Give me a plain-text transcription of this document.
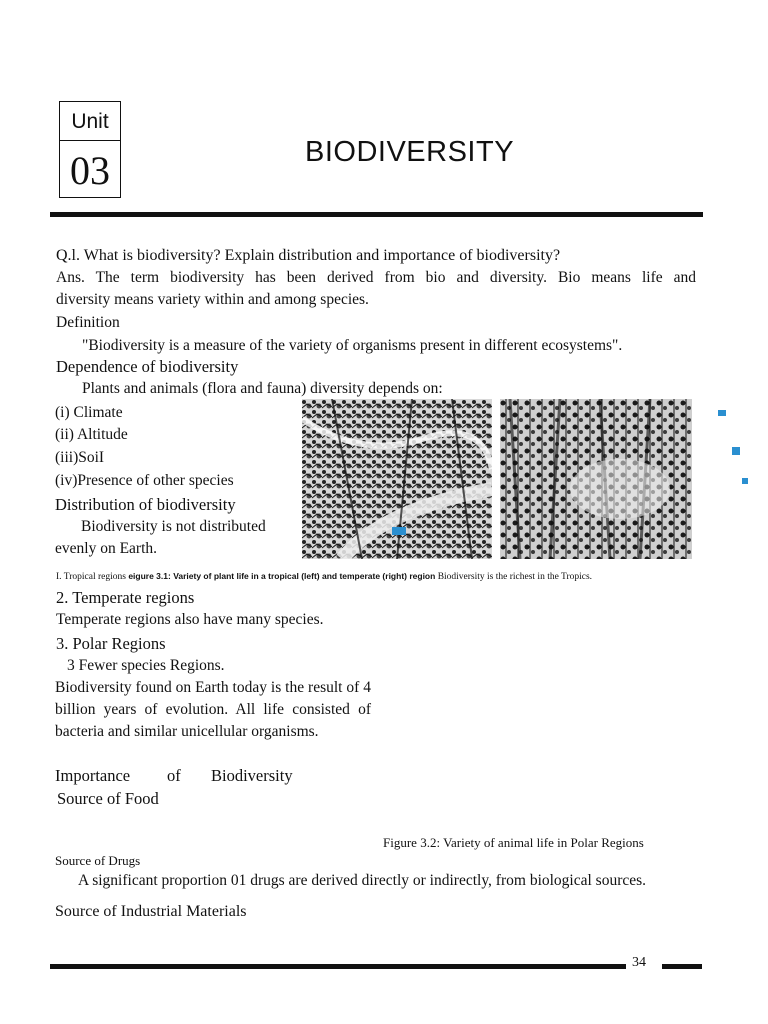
Unit
03	BIODIVERSITY
Q.l. What is biodiversity? Explain distribution and importance of biodiversity?
Ans. The term biodiversity has been derived from bio and diversity. Bio means life and
diversity means variety within and among species.
Definition
"Biodiversity is a measure of the variety of organisms present in different ecosystems".
Dependence of biodiversity
Plants and animals (flora and fauna) diversity depends on:
(i) Climate
(ii) Altitude
(iii)SoiI
(iv)Presence of other species
Distribution of biodiversity
Biodiversity is not distributed
evenly on Earth.
I. Tropical regions eigure 3.1: Variety of plant life in a tropical (left) and temperate (right) region Biodiversity is the richest in the Tropics.
2. Temperate regions
Temperate regions also have many species.
3. Polar Regions
3 Fewer species Regions.
Biodiversity found on Earth today is the result of 4 billion years of evolution. All life consisted of bacteria and similar unicellular organisms.
Importance of Biodiversity
Source of Food
Figure 3.2: Variety of animal life in Polar Regions
Source of Drugs
A significant proportion 01 drugs are derived directly or indirectly, from biological sources.
Source of Industrial Materials
34
